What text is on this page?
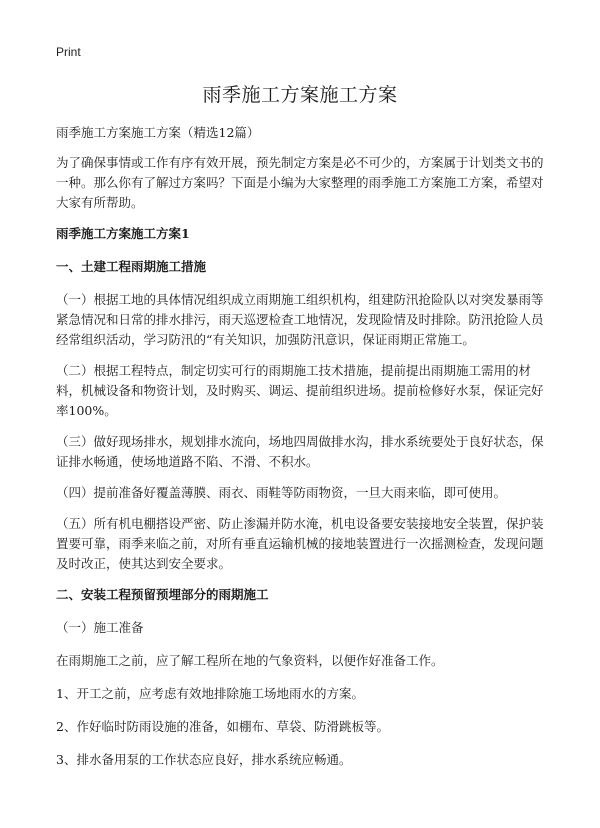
Print
雨季施工方案施工方案

雨季施工方案施工方案（精选12篇）

为了确保事情或工作有序有效开展，预先制定方案是必不可少的，方案属于计划类文书的一种。那么你有了解过方案吗？下面是小编为大家整理的雨季施工方案施工方案，希望对大家有所帮助。

雨季施工方案施工方案1

一、土建工程雨期施工措施

（一）根据工地的具体情况组织成立雨期施工组织机构，组建防汛抢险队以对突发暴雨等紧急情况和日常的排水排污，雨天巡逻检查工地情况，发现险情及时排除。防汛抢险人员经常组织活动，学习防汛的“有关知识，加强防汛意识，保证雨期正常施工。

（二）根据工程特点，制定切实可行的雨期施工技术措施，提前提出雨期施工需用的材料，机械设备和物资计划，及时购买、调运、提前组织进场。提前检修好水泵，保证完好率100%。

（三）做好现场排水，规划排水流向，场地四周做排水沟，排水系统要处于良好状态，保证排水畅通，使场地道路不陷、不滑、不积水。

（四）提前准备好覆盖薄膜、雨衣、雨鞋等防雨物资，一旦大雨来临，即可使用。

（五）所有机电棚搭设严密、防止渗漏并防水淹，机电设备要安装接地安全装置，保护装置要可靠，雨季来临之前，对所有垂直运输机械的接地装置进行一次摇测检查，发现问题及时改正，使其达到安全要求。

二、安装工程预留预埋部分的雨期施工

（一）施工准备

在雨期施工之前，应了解工程所在地的气象资料，以便作好准备工作。

1、开工之前，应考虑有效地排除施工场地雨水的方案。

2、作好临时防雨设施的准备，如棚布、草袋、防滑跳板等。

3、排水备用泵的工作状态应良好，排水系统应畅通。
